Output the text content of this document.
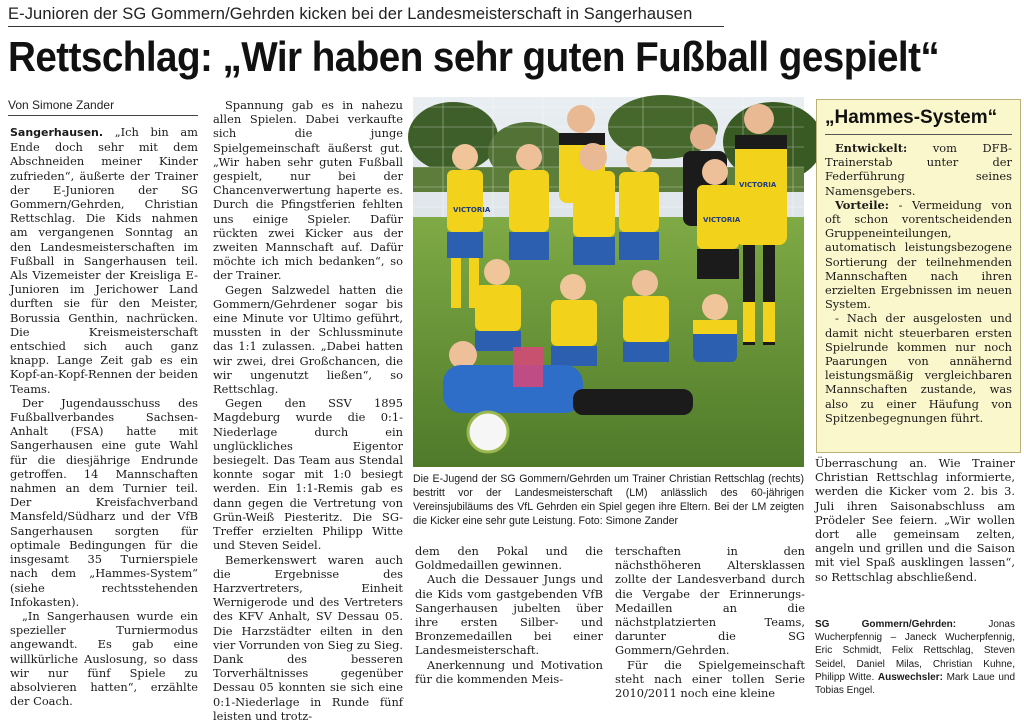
E-Junioren der SG Gommern/Gehrden kicken bei der Landesmeisterschaft in Sangerhausen
Rettschlag: „Wir haben sehr guten Fußball gespielt“
Von Simone Zander

Sangerhausen. „Ich bin am Ende doch sehr mit dem Abschneiden meiner Kinder zufrieden“, äußerte der Trainer der E-Junioren der SG Gommern/Gehrden, Christian Rettschlag. Die Kids nahmen am vergangenen Sonntag an den Landesmeisterschaften im Fußball in Sangerhausen teil. Als Vizemeister der Kreisliga E-Junioren im Jerichower Land durften sie für den Meister, Borussia Genthin, nachrücken. Die Kreismeisterschaft entschied sich auch ganz knapp. Lange Zeit gab es ein Kopf-an-Kopf-Rennen der beiden Teams.

Der Jugendausschuss des Fußballverbandes Sachsen-Anhalt (FSA) hatte mit Sangerhausen eine gute Wahl für die diesjährige Endrunde getroffen. 14 Mannschaften nahmen an dem Turnier teil. Der Kreisfachverband Mansfeld/Südharz und der VfB Sangerhausen sorgten für optimale Bedingungen für die insgesamt 35 Turnierspiele nach dem „Hammes-System“ (siehe rechtsstehenden Infokasten).

„In Sangerhausen wurde ein spezieller Turniermodus angewandt. Es gab eine willkürliche Auslosung, so dass wir nur fünf Spiele zu absolvieren hatten“, erzählte der Coach.

Spannung gab es in nahezu allen Spielen. Dabei verkaufte sich die junge Spielgemeinschaft äußerst gut. „Wir haben sehr guten Fußball gespielt, nur bei der Chancenverwertung haperte es. Durch die Pfingstferien fehlten uns einige Spieler. Dafür rückten zwei Kicker aus der zweiten Mannschaft auf. Dafür möchte ich mich bedanken“, so der Trainer.

Gegen Salzwedel hatten die Gommern/Gehrdener sogar bis eine Minute vor Ultimo geführt, mussten in der Schlussminute das 1:1 zulassen. „Dabei hatten wir zwei, drei Großchancen, die wir ungenutzt ließen“, so Rettschlag.

Gegen den SSV 1895 Magdeburg wurde die 0:1-Niederlage durch ein unglückliches Eigentor besiegelt. Das Team aus Stendal konnte sogar mit 1:0 besiegt werden. Ein 1:1-Remis gab es dann gegen die Vertretung von Grün-Weiß Piesteritz. Die SG-Treffer erzielten Philipp Witte und Steven Seidel.

Bemerkenswert waren auch die Ergebnisse des Harzvertreters, Einheit Wernigerode und des Vertreters des KFV Anhalt, SV Dessau 05. Die Harzstädter eilten in den vier Vorrunden von Sieg zu Sieg. Dank des besseren Torverhältnisses gegenüber Dessau 05 konnten sie sich eine 0:1-Niederlage in Runde fünf leisten und trotz-

VICTORIA
VICTORIA
VICTORIA
Die E-Jugend der SG Gommern/Gehrden um Trainer Christian Rettschlag (rechts) bestritt vor der Landesmeisterschaft (LM) anlässlich des 60-jährigen Vereinsjubiläums des VfL Gehrden ein Spiel gegen ihre Eltern. Bei der LM zeigten die Kicker eine sehr gute Leistung. Foto: Simone Zander

dem den Pokal und die Goldmedaillen gewinnen.

Auch die Dessauer Jungs und die Kids vom gastgebenden VfB Sangerhausen jubelten über ihre ersten Silber- und Bronzemedaillen bei einer Landesmeisterschaft.

Anerkennung und Motivation für die kommenden Meis-

terschaften in den nächsthöheren Altersklassen zollte der Landesverband durch die Vergabe der Erinnerungs-Medaillen an die nächstplatzierten Teams, darunter die SG Gommern/Gehrden.

Für die Spielgemeinschaft steht nach einer tollen Serie 2010/2011 noch eine kleine

„Hammes-System“

Entwickelt: vom DFB-Trainerstab unter der Federführung seines Namensgebers.

Vorteile: - Vermeidung von oft schon vorentscheidenden Gruppeneinteilungen, automatisch leistungsbezogene Sortierung der teilnehmenden Mannschaften nach ihren erzielten Ergebnissen im neuen System.

- Nach der ausgelosten und damit nicht steuerbaren ersten Spielrunde kommen nur noch Paarungen von annähernd leistungsmäßig vergleichbaren Mannschaften zustande, was also zu einer Häufung von Spitzenbegegnungen führt.

Überraschung an. Wie Trainer Christian Rettschlag informierte, werden die Kicker vom 2. bis 3. Juli ihren Saisonabschluss am Prödeler See feiern. „Wir wollen dort alle gemeinsam zelten, angeln und grillen und die Saison mit viel Spaß ausklingen lassen“, so Rettschlag abschließend.

SG Gommern/Gehrden:	Jonas Wucherpfennig – Janeck Wucherpfennig, Eric Schmidt, Felix Rettschlag, Steven Seidel, Daniel Milas, Christian Kuhne, Philipp Witte. Auswechsler: Mark Laue und Tobias Engel.
